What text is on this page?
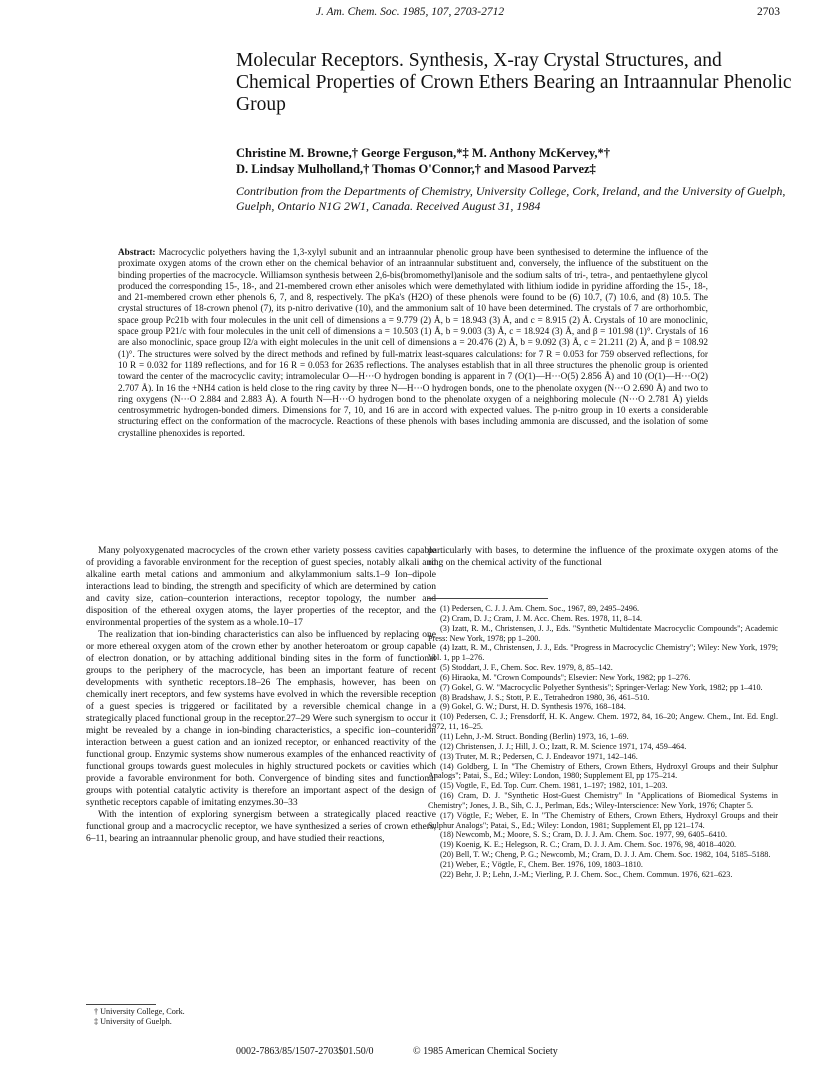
J. Am. Chem. Soc. 1985, 107, 2703-2712	2703
Molecular Receptors. Synthesis, X-ray Crystal Structures, and Chemical Properties of Crown Ethers Bearing an Intraannular Phenolic Group
Christine M. Browne,† George Ferguson,*‡ M. Anthony McKervey,*†
D. Lindsay Mulholland,† Thomas O'Connor,† and Masood Parvez‡
Contribution from the Departments of Chemistry, University College, Cork, Ireland, and the University of Guelph, Guelph, Ontario N1G 2W1, Canada. Received August 31, 1984
Abstract: Macrocyclic polyethers having the 1,3-xylyl subunit and an intraannular phenolic group have been synthesised to determine the influence of the proximate oxygen atoms of the crown ether on the chemical behavior of an intraannular substituent and, conversely, the influence of the substituent on the binding properties of the macrocycle. Williamson synthesis between 2,6-bis(bromomethyl)anisole and the sodium salts of tri-, tetra-, and pentaethylene glycol produced the corresponding 15-, 18-, and 21-membered crown ether anisoles which were demethylated with lithium iodide in pyridine affording the 15-, 18-, and 21-membered crown ether phenols 6, 7, and 8, respectively. The pKa's (H2O) of these phenols were found to be (6) 10.7, (7) 10.6, and (8) 10.5. The crystal structures of 18-crown phenol (7), its p-nitro derivative (10), and the ammonium salt of 10 have been determined. The crystals of 7 are orthorhombic, space group Pc21b with four molecules in the unit cell of dimensions a = 9.779 (2) Å, b = 18.943 (3) Å, and c = 8.915 (2) Å. Crystals of 10 are monoclinic, space group P21/c with four molecules in the unit cell of dimensions a = 10.503 (1) Å, b = 9.003 (3) Å, c = 18.924 (3) Å, and β = 101.98 (1)°. Crystals of 16 are also monoclinic, space group I2/a with eight molecules in the unit cell of dimensions a = 20.476 (2) Å, b = 9.092 (3) Å, c = 21.211 (2) Å, and β = 108.92 (1)°. The structures were solved by the direct methods and refined by full-matrix least-squares calculations: for 7 R = 0.053 for 759 observed reflections, for 10 R = 0.032 for 1189 reflections, and for 16 R = 0.053 for 2635 reflections. The analyses establish that in all three structures the phenolic group is oriented toward the center of the macrocyclic cavity; intramolecular O—H···O hydrogen bonding is apparent in 7 (O(1)—H···O(5) 2.856 Å) and 10 (O(1)—H···O(2) 2.707 Å). In 16 the +NH4 cation is held close to the ring cavity by three N—H···O hydrogen bonds, one to the phenolate oxygen (N···O 2.690 Å) and two to ring oxygens (N···O 2.884 and 2.883 Å). A fourth N—H···O hydrogen bond to the phenolate oxygen of a neighboring molecule (N···O 2.781 Å) yields centrosymmetric hydrogen-bonded dimers. Dimensions for 7, 10, and 16 are in accord with expected values. The p-nitro group in 10 exerts a considerable structuring effect on the conformation of the macrocycle. Reactions of these phenols with bases including ammonia are discussed, and the isolation of some crystalline phenoxides is reported.

Many polyoxygenated macrocycles of the crown ether variety possess cavities capable of providing a favorable environment for the reception of guest species, notably alkali and alkaline earth metal cations and ammonium and alkylammonium salts.1–9 Ion–dipole interactions lead to binding, the strength and specificity of which are determined by cation and cavity size, cation–counterion interactions, receptor topology, the number and disposition of the ethereal oxygen atoms, the layer properties of the receptor, and the environmental properties of the system as a whole.10–17

The realization that ion-binding characteristics can also be influenced by replacing one or more ethereal oxygen atom of the crown ether by another heteroatom or group capable of electron donation, or by attaching additional binding sites in the form of functional groups to the periphery of the macrocycle, has been an important feature of recent developments with synthetic receptors.18–26 The emphasis, however, has been on chemically inert receptors, and few systems have evolved in which the reversible reception of a guest species is triggered or facilitated by a reversible chemical change in a strategically placed functional group in the receptor.27–29 Were such synergism to occur it might be revealed by a change in ion-binding characteristics, a specific ion–counterion interaction between a guest cation and an ionized receptor, or enhanced reactivity of the functional group. Enzymic systems show numerous examples of the enhanced reactivity of functional groups towards guest molecules in highly structured pockets or cavities which provide a favorable environment for both. Convergence of binding sites and functional groups with potential catalytic activity is therefore an important aspect of the design of synthetic receptors capable of imitating enzymes.30–33

With the intention of exploring synergism between a strategically placed reactive functional group and a macrocyclic receptor, we have synthesized a series of crown ethers, 6–11, bearing an intraannular phenolic group, and have studied their reactions,

particularly with bases, to determine the influence of the proximate oxygen atoms of the ring on the chemical activity of the functional

(1) Pedersen, C. J. J. Am. Chem. Soc., 1967, 89, 2495–2496.

(2) Cram, D. J.; Cram, J. M. Acc. Chem. Res. 1978, 11, 8–14.

(3) Izatt, R. M., Christensen, J. J., Eds. "Synthetic Multidentate Macrocyclic Compounds"; Academic Press: New York, 1978; pp 1–200.

(4) Izatt, R. M., Christensen, J. J., Eds. "Progress in Macrocyclic Chemistry"; Wiley: New York, 1979; Vol. 1, pp 1–276.

(5) Stoddart, J. F., Chem. Soc. Rev. 1979, 8, 85–142.

(6) Hiraoka, M. "Crown Compounds"; Elsevier: New York, 1982; pp 1–276.

(7) Gokel, G. W. "Macrocyclic Polyether Synthesis"; Springer-Verlag: New York, 1982; pp 1–410.

(8) Bradshaw, J. S.; Stott, P. E., Tetrahedron 1980, 36, 461–510.

(9) Gokel, G. W.; Durst, H. D. Synthesis 1976, 168–184.

(10) Pedersen, C. J.; Frensdorff, H. K. Angew. Chem. 1972, 84, 16–20; Angew. Chem., Int. Ed. Engl. 1972, 11, 16–25.

(11) Lehn, J.-M. Struct. Bonding (Berlin) 1973, 16, 1–69.

(12) Christensen, J. J.; Hill, J. O.; Izatt, R. M. Science 1971, 174, 459–464.

(13) Truter, M. R.; Pedersen, C. J. Endeavor 1971, 142–146.

(14) Goldberg, I. In "The Chemistry of Ethers, Crown Ethers, Hydroxyl Groups and their Sulphur Analogs"; Patai, S., Ed.; Wiley: London, 1980; Supplement El, pp 175–214.

(15) Vogtle, F., Ed. Top. Curr. Chem. 1981, 1–197; 1982, 101, 1–203.

(16) Cram, D. J. "Synthetic Host-Guest Chemistry" In "Applications of Biomedical Systems in Chemistry"; Jones, J. B., Sih, C. J., Perlman, Eds.; Wiley-Interscience: New York, 1976; Chapter 5.

(17) Vögtle, F.; Weber, E. In "The Chemistry of Ethers, Crown Ethers, Hydroxyl Groups and their Sulphur Analogs"; Patai, S., Ed.; Wiley: London, 1981; Supplement El, pp 121–174.

(18) Newcomb, M.; Moore, S. S.; Cram, D. J. J. Am. Chem. Soc. 1977, 99, 6405–6410.

(19) Koenig, K. E.; Helegson, R. C.; Cram, D. J. J. Am. Chem. Soc. 1976, 98, 4018–4020.

(20) Bell, T. W.; Cheng, P. G.; Newcomb, M.; Cram, D. J. J. Am. Chem. Soc. 1982, 104, 5185–5188.

(21) Weber, E.; Vögtle, F., Chem. Ber. 1976, 109, 1803–1810.

(22) Behr, J. P.; Lehn, J.-M.; Vierling, P. J. Chem. Soc., Chem. Commun. 1976, 621–623.

† University College, Cork.
‡ University of Guelph.
0002-7863/85/1507-2703$01.50/0	© 1985 American Chemical Society
